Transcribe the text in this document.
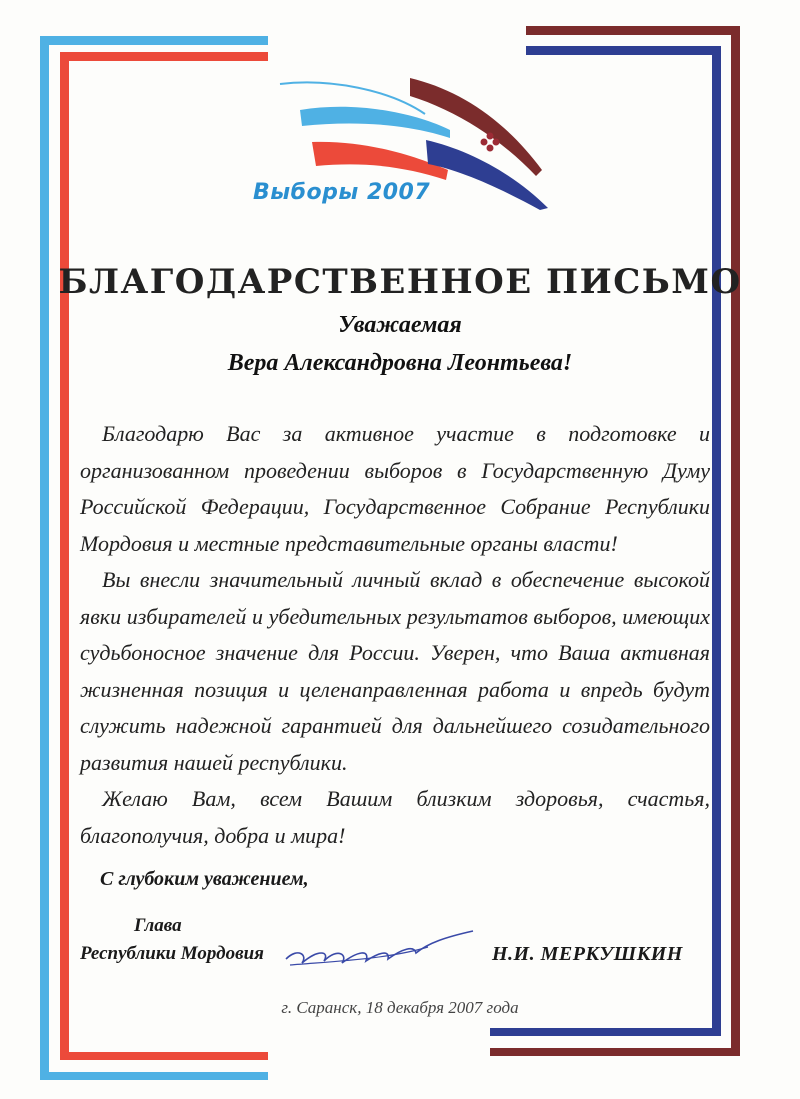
Выборы 2007
БЛАГОДАРСТВЕННОЕ ПИСЬМО
Уважаемая
Вера Александровна Леонтьева!

Благодарю Вас за активное участие в подготовке и организованном проведении выборов в Государственную Думу Российской Федерации, Государственное Собрание Республики Мордовия и местные представительные органы власти!

Вы внесли значительный личный вклад в обеспечение высокой явки избирателей и убедительных результатов выборов, имеющих судьбоносное значение для России. Уверен, что Ваша активная жизненная позиция и целенаправленная работа и впредь будут служить надежной гарантией для дальнейшего созидательного развития нашей республики.

Желаю Вам, всем Вашим близким здоровья, счастья, благополучия, добра и мира!

С глубоким уважением,
Глава
Республики Мордовия	Н.И. МЕРКУШКИН
г. Саранск, 18 декабря 2007 года
